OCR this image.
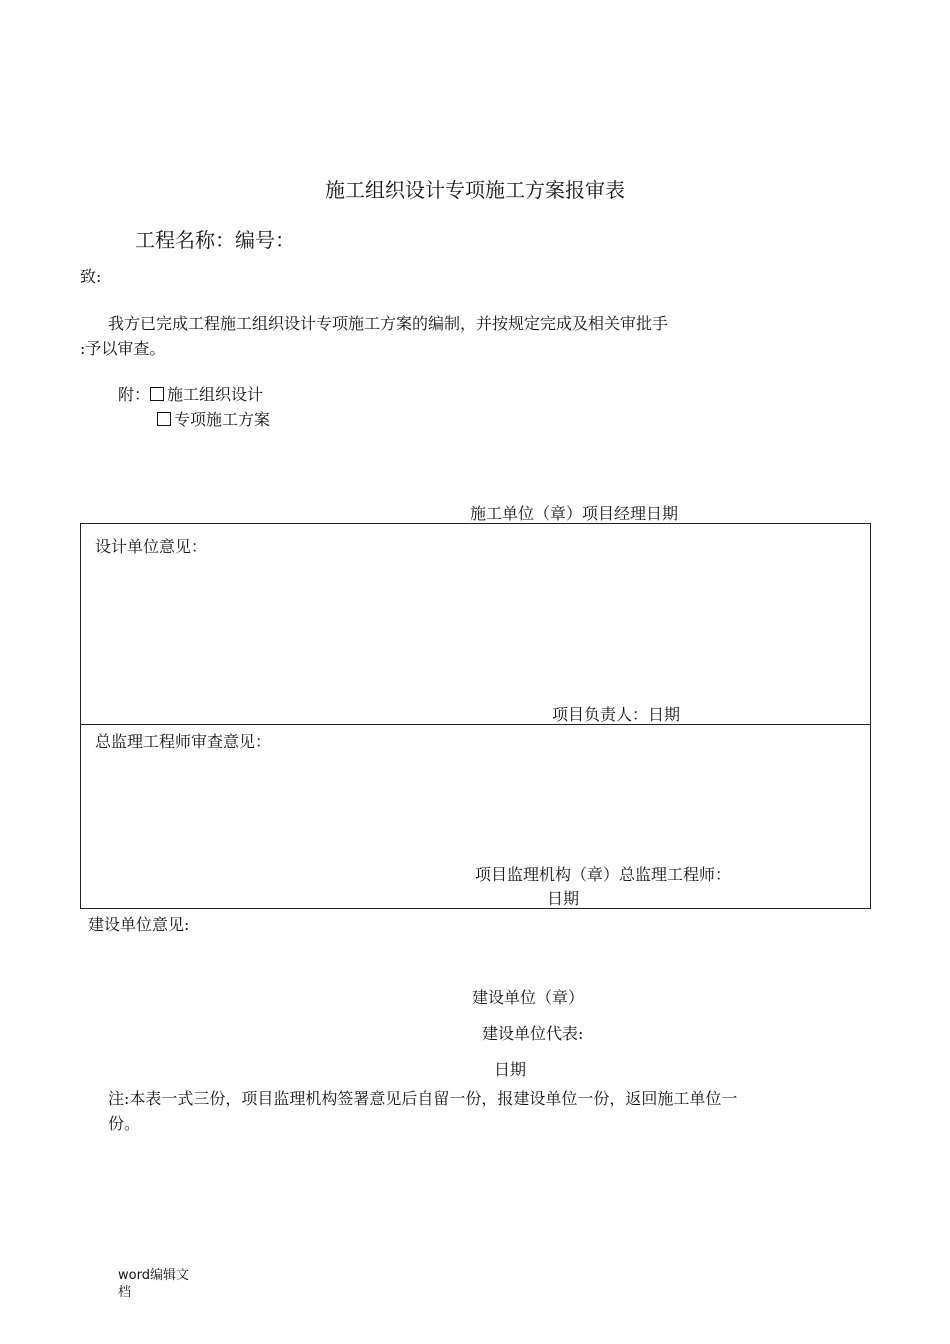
施工组织设计专项施工方案报审表
工程名称：编号：
致:
我方已完成工程施工组织设计专项施工方案的编制，并按规定完成及相关审批手
:予以审查。
附： 施工组织设计
专项施工方案
施工单位（章）项目经理日期
设计单位意见：
项目负责人：日期
总监理工程师审查意见：
项目监理机构（章）总监理工程师：
日期
建设单位意见:
建设单位（章）
建设单位代表:
日期
注:本表一式三份，项目监理机构签署意见后自留一份，报建设单位一份，返回施工单位一
份。
word编辑文
档
